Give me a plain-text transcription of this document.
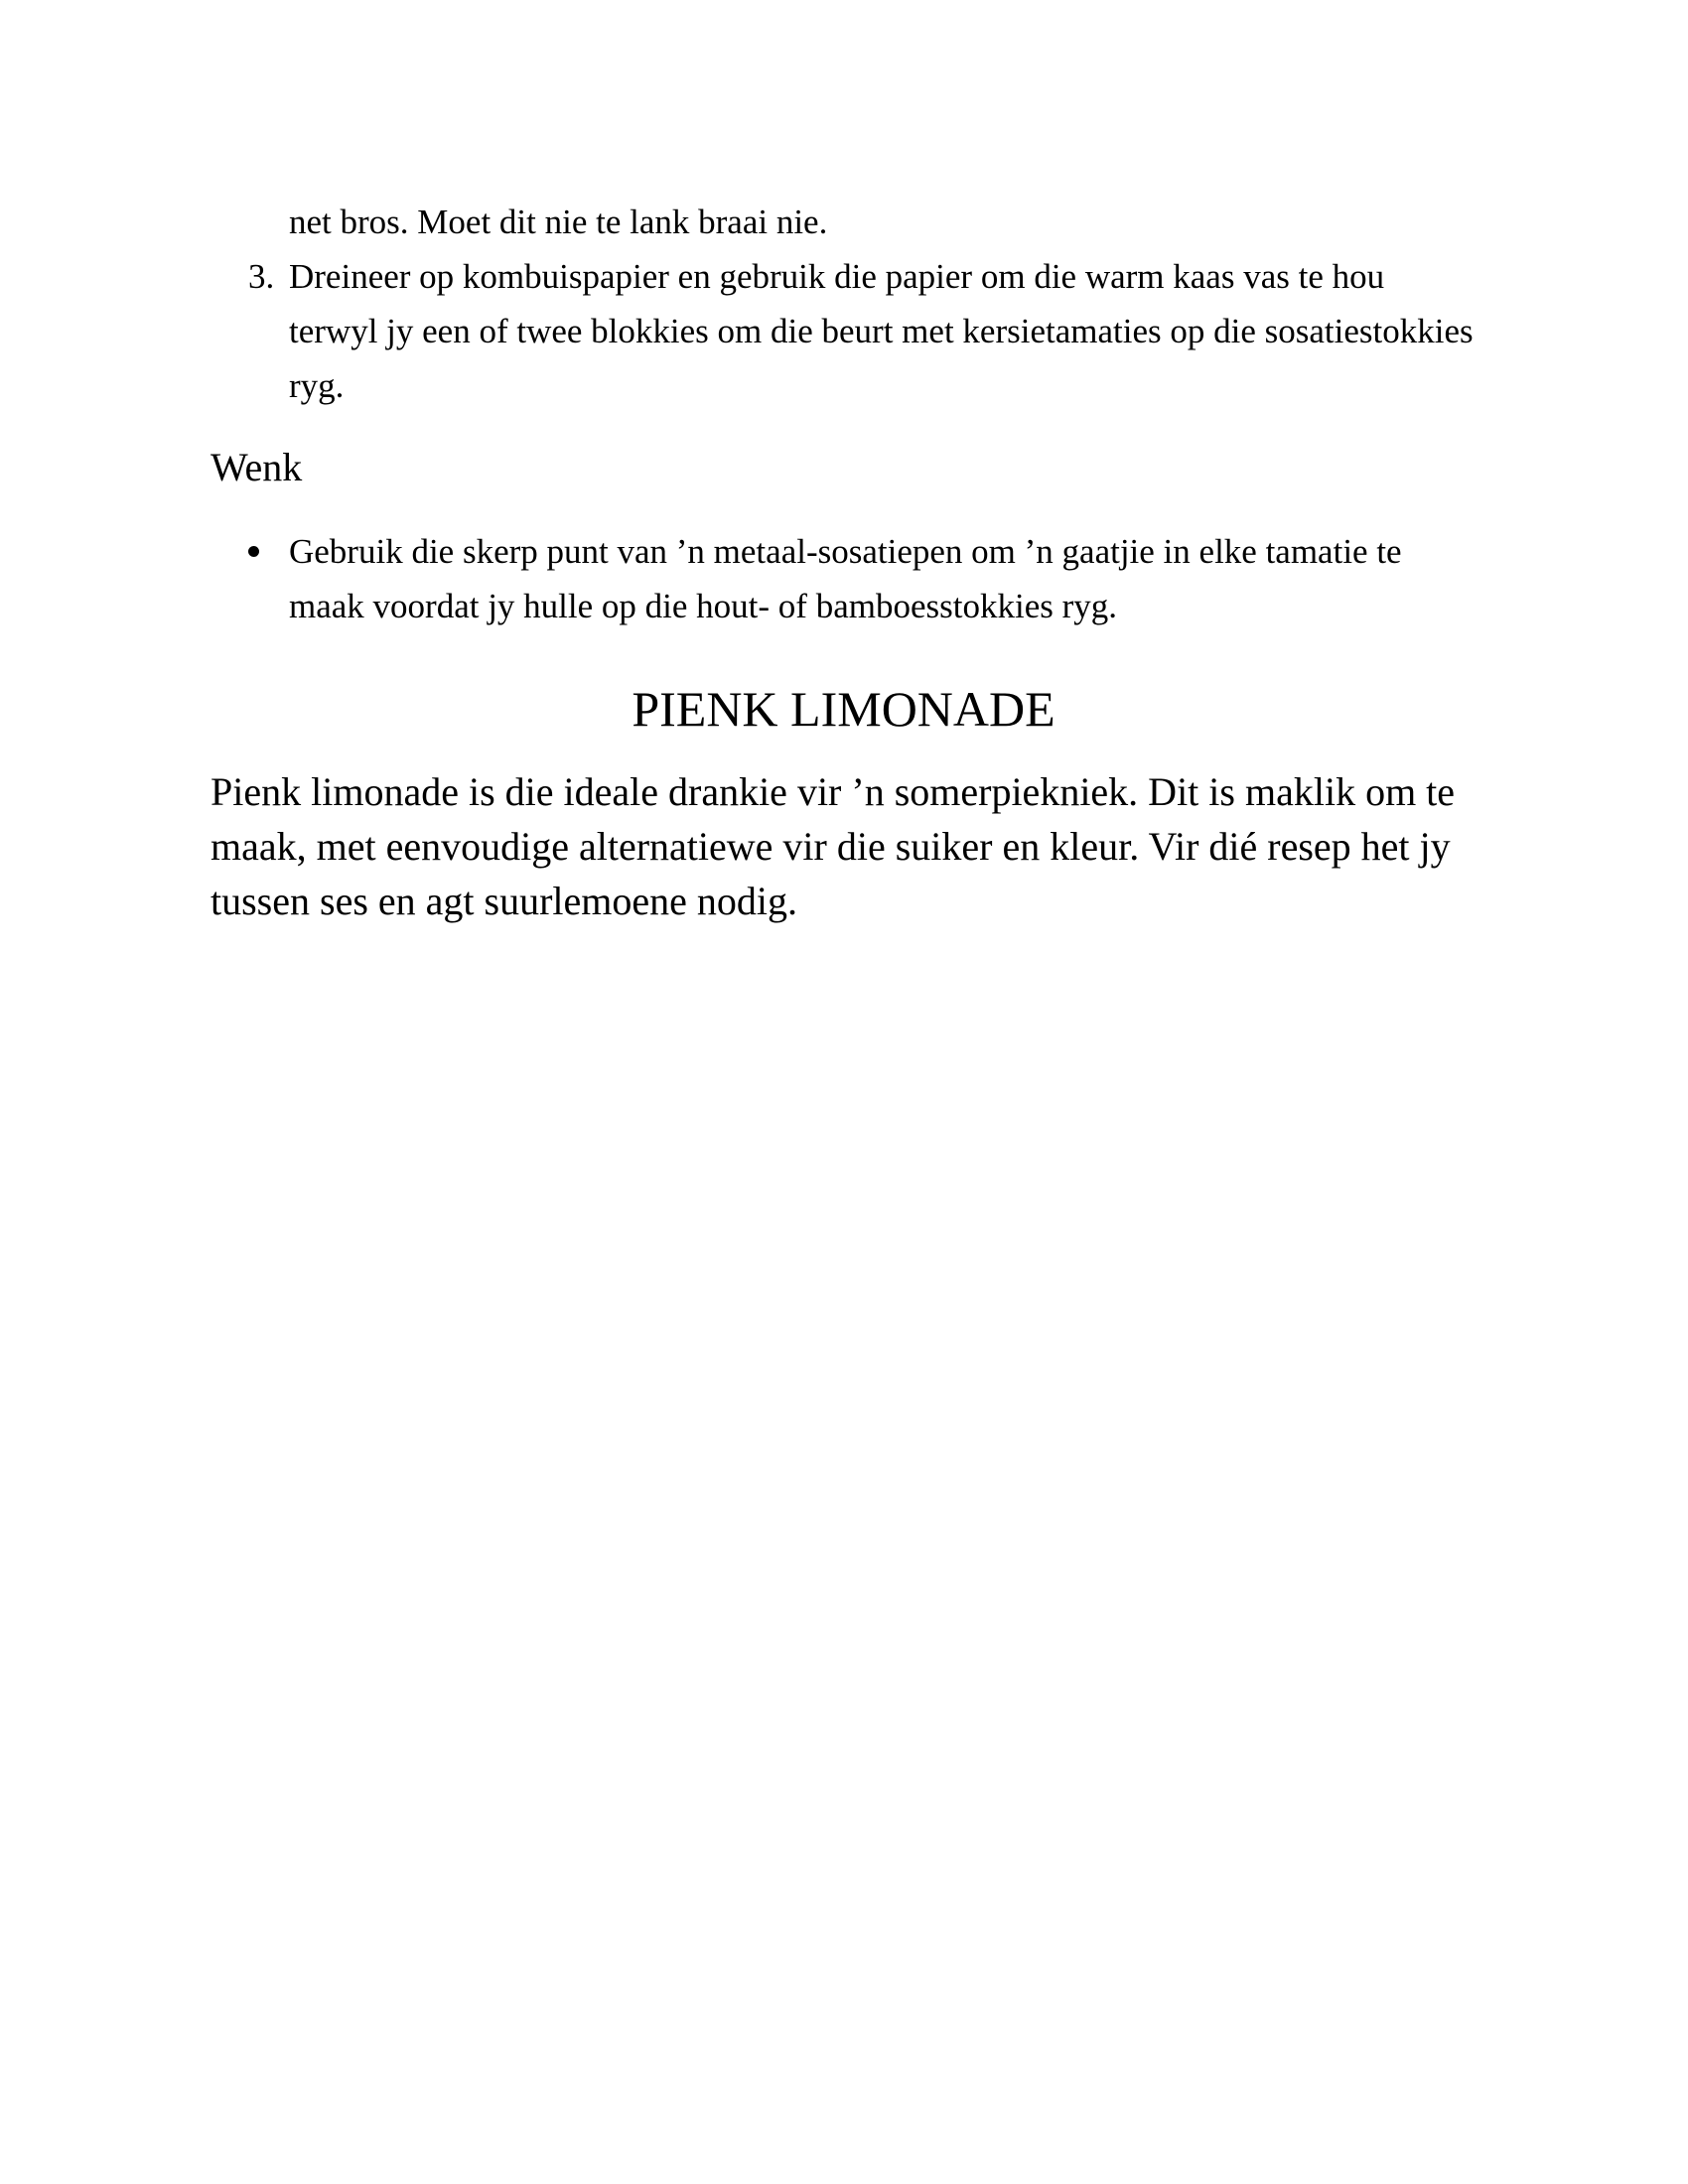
net bros. Moet dit nie te lank braai nie.
3. Dreineer op kombuispapier en gebruik die papier om die warm kaas vas te hou terwyl jy een of twee blokkies om die beurt met kersietamaties op die sosatiestokkies ryg.
Wenk
Gebruik die skerp punt van ’n metaal-sosatiepen om ’n gaatjie in elke tamatie te maak voordat jy hulle op die hout- of bamboesstokkies ryg.
PIENK LIMONADE
Pienk limonade is die ideale drankie vir ’n somerpiekniek. Dit is maklik om te maak, met eenvoudige alternatiewe vir die suiker en kleur. Vir dié resep het jy tussen ses en agt suurlemoene nodig.
